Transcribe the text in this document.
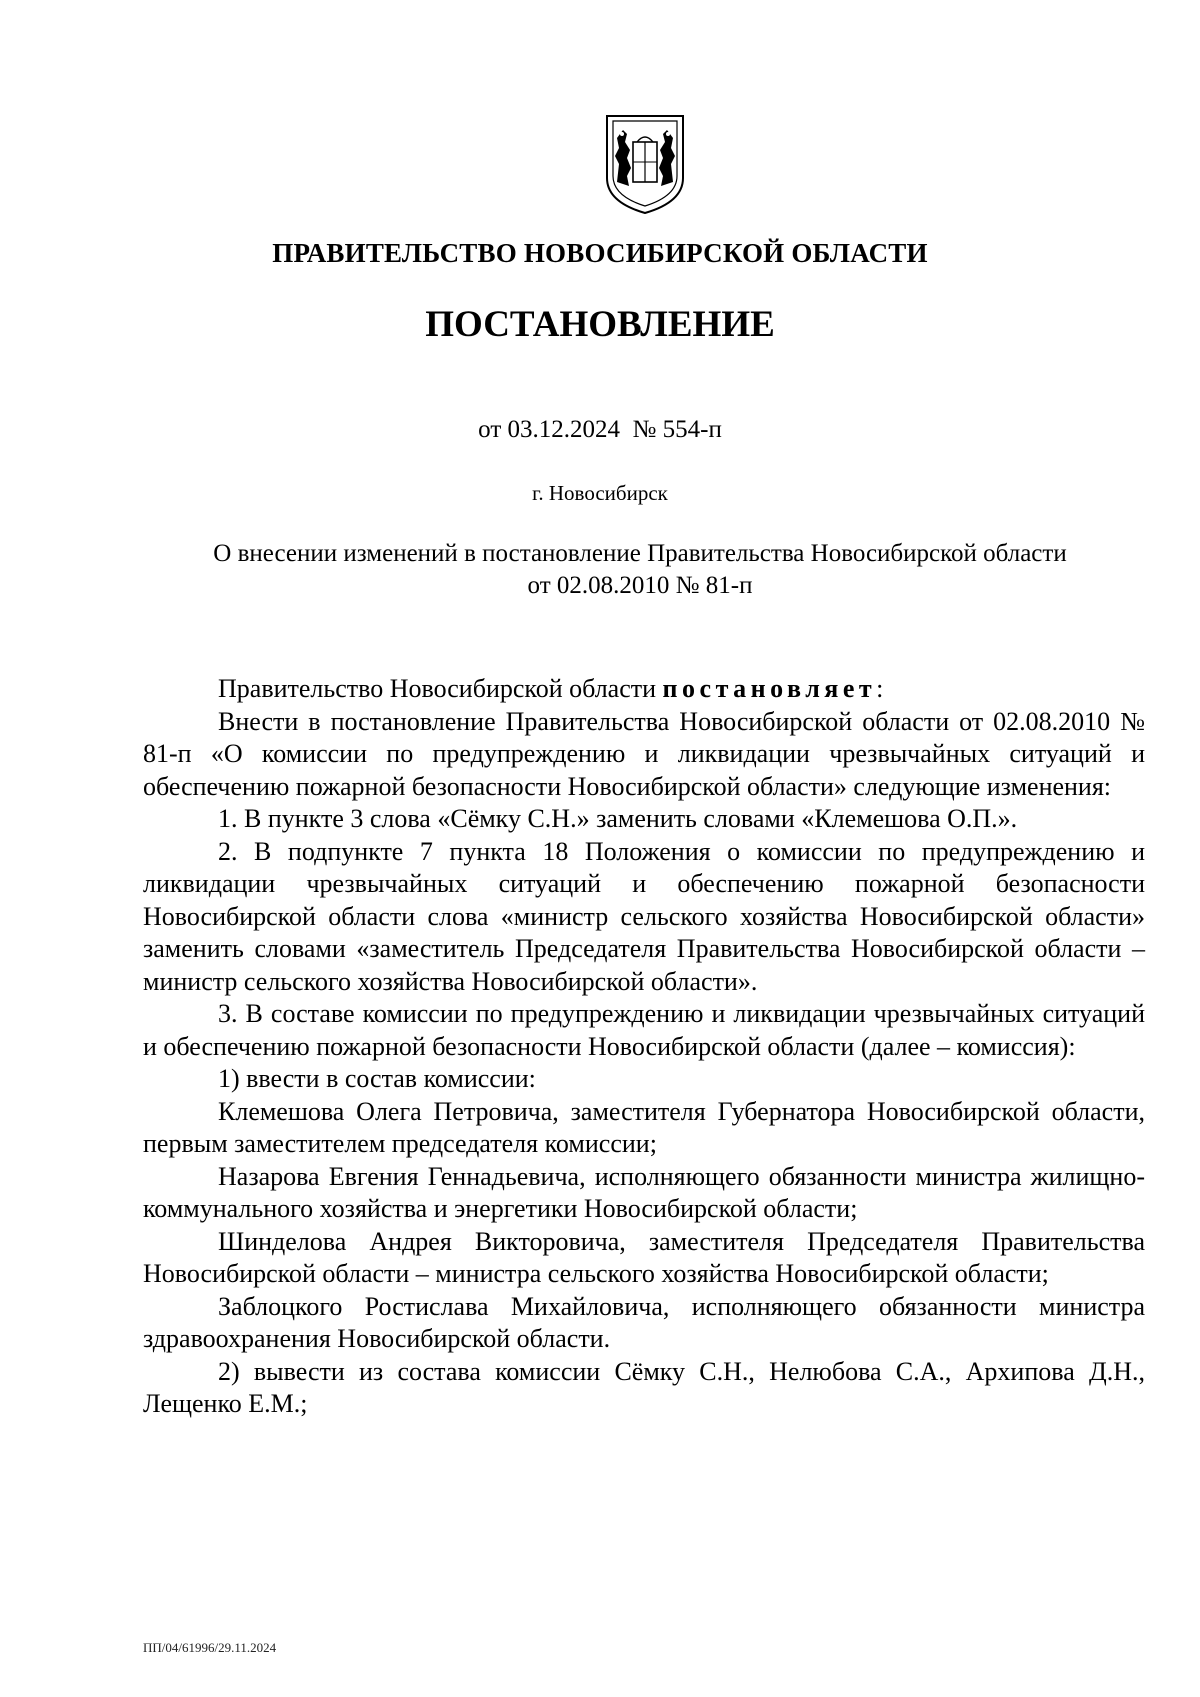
ПРАВИТЕЛЬСТВО НОВОСИБИРСКОЙ ОБЛАСТИ
ПОСТАНОВЛЕНИЕ
от 03.12.2024 № 554-п
г. Новосибирск
О внесении изменений в постановление Правительства Новосибирской области
от 02.08.2010 № 81-п

Правительство Новосибирской области постановляет:

Внести в постановление Правительства Новосибирской области от 02.08.2010 № 81-п «О комиссии по предупреждению и ликвидации чрезвычайных ситуаций и обеспечению пожарной безопасности Новосибирской области» следующие изменения:

1. В пункте 3 слова «Сёмку С.Н.» заменить словами «Клемешова О.П.».

2. В подпункте 7 пункта 18 Положения о комиссии по предупреждению и ликвидации чрезвычайных ситуаций и обеспечению пожарной безопасности Новосибирской области слова «министр сельского хозяйства Новосибирской области» заменить словами «заместитель Председателя Правительства Новосибирской области – министр сельского хозяйства Новосибирской области».

3. В составе комиссии по предупреждению и ликвидации чрезвычайных ситуаций и обеспечению пожарной безопасности Новосибирской области (далее – комиссия):

1) ввести в состав комиссии:

Клемешова Олега Петровича, заместителя Губернатора Новосибирской области, первым заместителем председателя комиссии;

Назарова Евгения Геннадьевича, исполняющего обязанности министра жилищно-коммунального хозяйства и энергетики Новосибирской области;

Шинделова Андрея Викторовича, заместителя Председателя Правительства Новосибирской области – министра сельского хозяйства Новосибирской области;

Заблоцкого Ростислава Михайловича, исполняющего обязанности министра здравоохранения Новосибирской области.

2) вывести из состава комиссии Сёмку С.Н., Нелюбова С.А., Архипова Д.Н., Лещенко Е.М.;

ПП/04/61996/29.11.2024
